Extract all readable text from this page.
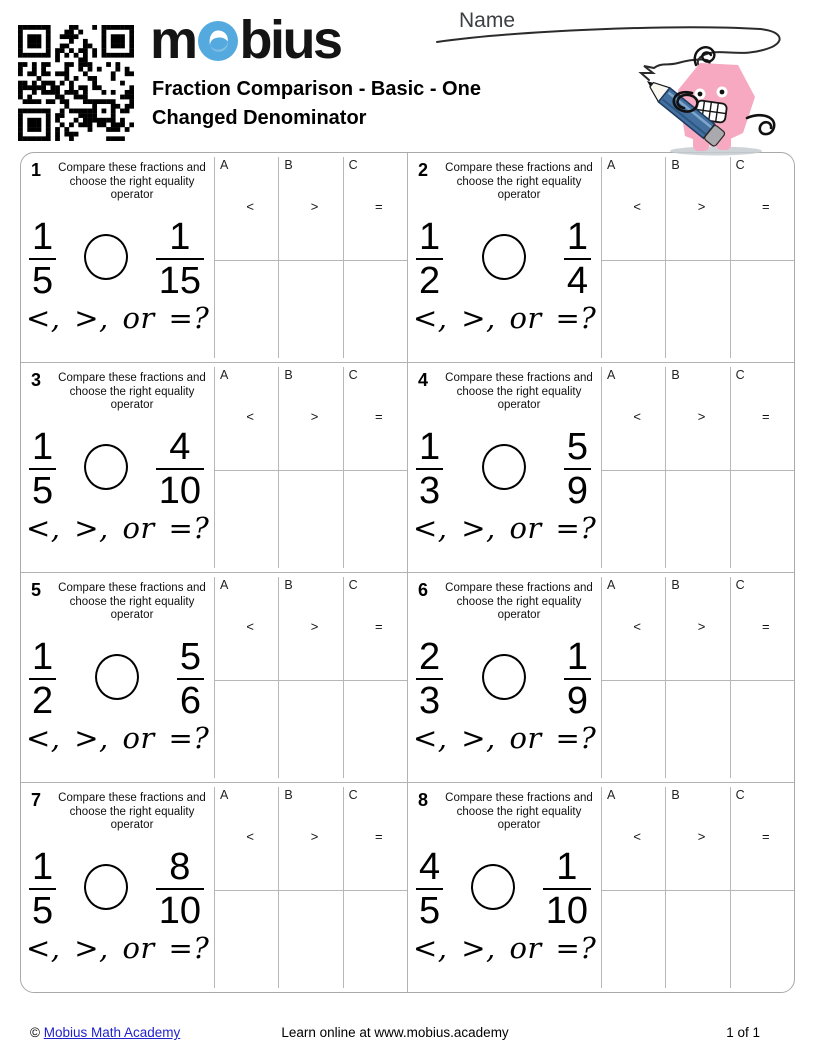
m bius
Fraction Comparison - Basic - One Changed Denominator
Name
1 Compare these fractions and choose the right equality operator
$\frac{1}{5}$	$\frac{1}{15}$
<, >, or =?
A
<
B
>
C
=
2 Compare these fractions and choose the right equality operator
$\frac{1}{2}$	$\frac{1}{4}$
<, >, or =?
A
<
B
>
C
=
3 Compare these fractions and choose the right equality operator
$\frac{1}{5}$	$\frac{4}{10}$
<, >, or =?
A
<
B
>
C
=
4 Compare these fractions and choose the right equality operator
$\frac{1}{3}$	$\frac{5}{9}$
<, >, or =?
A
<
B
>
C
=
5 Compare these fractions and choose the right equality operator
$\frac{1}{2}$	$\frac{5}{6}$
<, >, or =?
A
<
B
>
C
=
6 Compare these fractions and choose the right equality operator
$\frac{2}{3}$	$\frac{1}{9}$
<, >, or =?
A
<
B
>
C
=
7 Compare these fractions and choose the right equality operator
$\frac{1}{5}$	$\frac{8}{10}$
<, >, or =?
A
<
B
>
C
=
8 Compare these fractions and choose the right equality operator
$\frac{4}{5}$	$\frac{1}{10}$
<, >, or =?
A
<
B
>
C
=
© Mobius Math Academy	Learn online at www.mobius.academy	1 of 1
